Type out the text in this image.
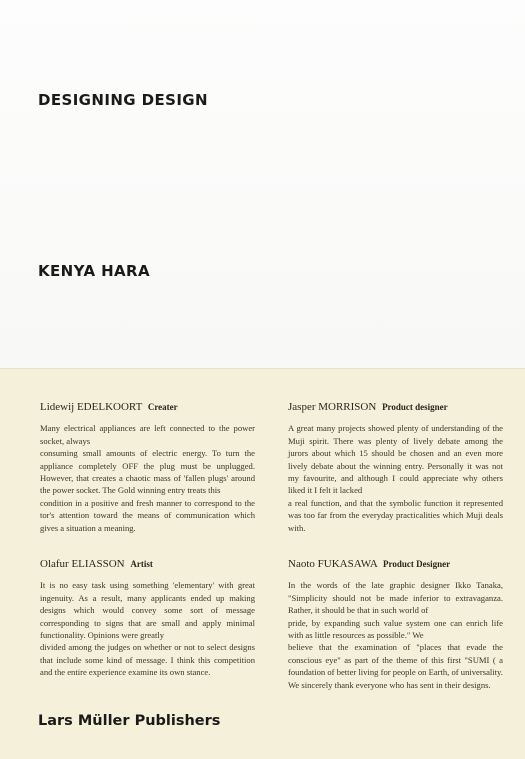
DESIGNING DESIGN
KENYA HARA

Lidewij EDELKOORT Creater

Many electrical appliances are left connected to the power socket, always

consuming small amounts of electric energy. To turn the appliance completely OFF the plug must be unplugged. However, that creates a chaotic mass of 'fallen plugs' around the power socket. The Gold winning entry treats this

condition in a positive and fresh manner to correspond to the tor's attention toward the means of communication which gives a situation a meaning.

Olafur ELIASSON Artist

It is no easy task using something 'elementary' with great ingenuity. As a result, many applicants ended up making designs which would convey some sort of message corresponding to signs that are small and apply minimal functionality. Opinions were greatly

divided among the judges on whether or not to select designs that include some kind of message. I think this competition and the entire experience examine its own stance.

Jasper MORRISON Product designer

A great many projects showed plenty of understanding of the Muji spirit. There was plenty of lively debate among the jurors about which 15 should be chosen and an even more lively debate about the winning entry. Personally it was not my favourite, and although I could appreciate why others liked it I felt it lacked

a real function, and that the symbolic function it represented was too far from the everyday practicalities which Muji deals with.

Naoto FUKASAWA Product Designer

In the words of the late graphic designer Ikko Tanaka, "Simplicity should not be made inferior to extravaganza. Rather, it should be that in such world of

pride, by expanding such value system one can enrich life with as little resources as possible." We

believe that the examination of "places that evade the conscious eye" as part of the theme of this first "SUMI ( a foundation of better living for people on Earth, of universality.

We sincerely thank everyone who has sent in their designs.

Lars Müller Publishers
